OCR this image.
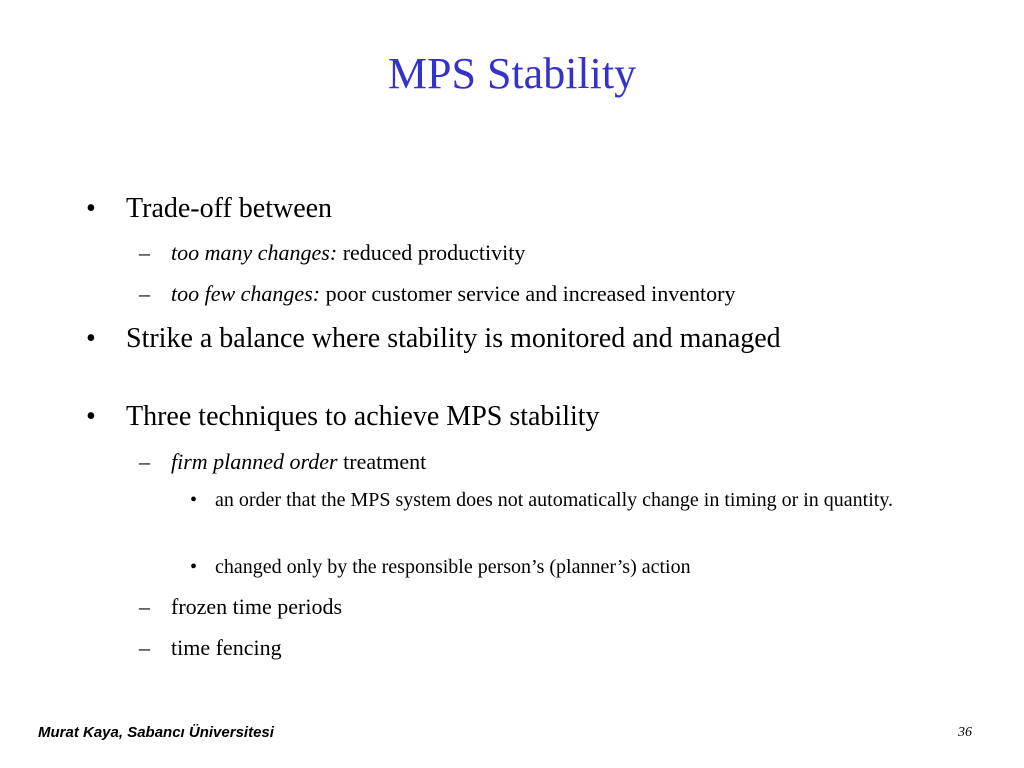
MPS Stability
• Trade-off between
– too many changes: reduced productivity
– too few changes: poor customer service and increased inventory
• Strike a balance where stability is monitored and managed
• Three techniques to achieve MPS stability
– firm planned order treatment
• an order that the MPS system does not automatically change in timing or in quantity.
• changed only by the responsible person’s (planner’s) action
– frozen time periods
– time fencing
Murat Kaya, Sabancı Üniversitesi	36
